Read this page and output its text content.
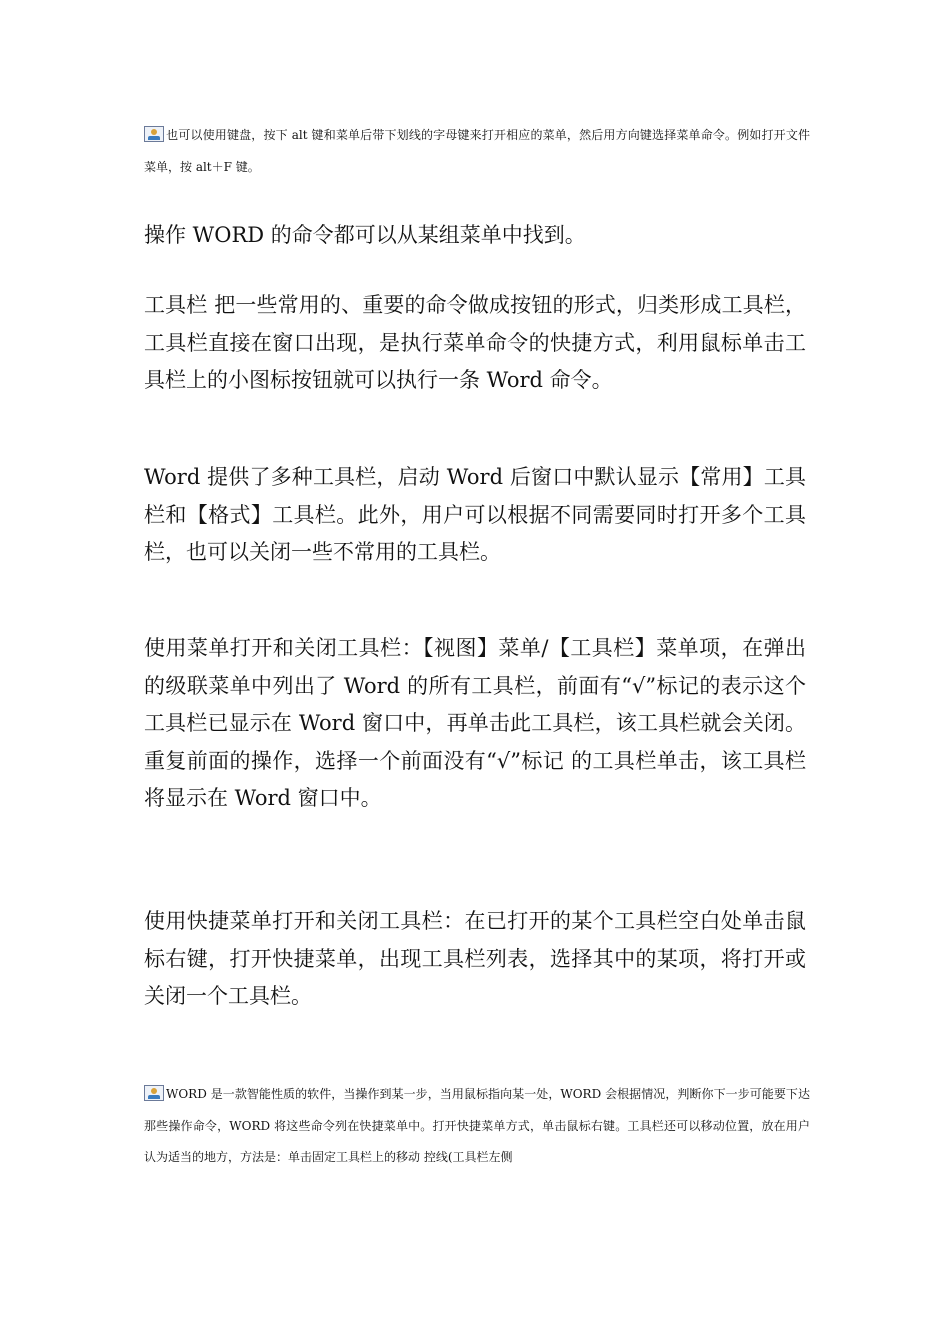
也可以使用键盘，按下 alt 键和菜单后带下划线的字母键来打开相应的菜单，然后用方向键选择菜单命令。例如打开文件菜单，按 alt＋F 键。

操作 WORD 的命令都可以从某组菜单中找到。

工具栏 把一些常用的、重要的命令做成按钮的形式，归类形成工具栏，工具栏直接在窗口出现，是执行菜单命令的快捷方式，利用鼠标单击工具栏上的小图标按钮就可以执行一条 Word 命令。

Word 提供了多种工具栏，启动 Word 后窗口中默认显示【常用】工具栏和【格式】工具栏。此外，用户可以根据不同需要同时打开多个工具栏，也可以关闭一些不常用的工具栏。

使用菜单打开和关闭工具栏：【视图】菜单/【工具栏】菜单项，在弹出的级联菜单中列出了 Word 的所有工具栏，前面有“√”标记的表示这个工具栏已显示在 Word 窗口中，再单击此工具栏，该工具栏就会关闭。重复前面的操作，选择一个前面没有“√”标记 的工具栏单击，该工具栏将显示在 Word 窗口中。

使用快捷菜单打开和关闭工具栏：在已打开的某个工具栏空白处单击鼠标右键，打开快捷菜单，出现工具栏列表，选择其中的某项，将打开或关闭一个工具栏。

WORD 是一款智能性质的软件，当操作到某一步，当用鼠标指向某一处，WORD 会根据情况，判断你下一步可能要下达那些操作命令，WORD 将这些命令列在快捷菜单中。打开快捷菜单方式，单击鼠标右键。工具栏还可以移动位置，放在用户认为适当的地方，方法是：单击固定工具栏上的移动 控线(工具栏左侧
